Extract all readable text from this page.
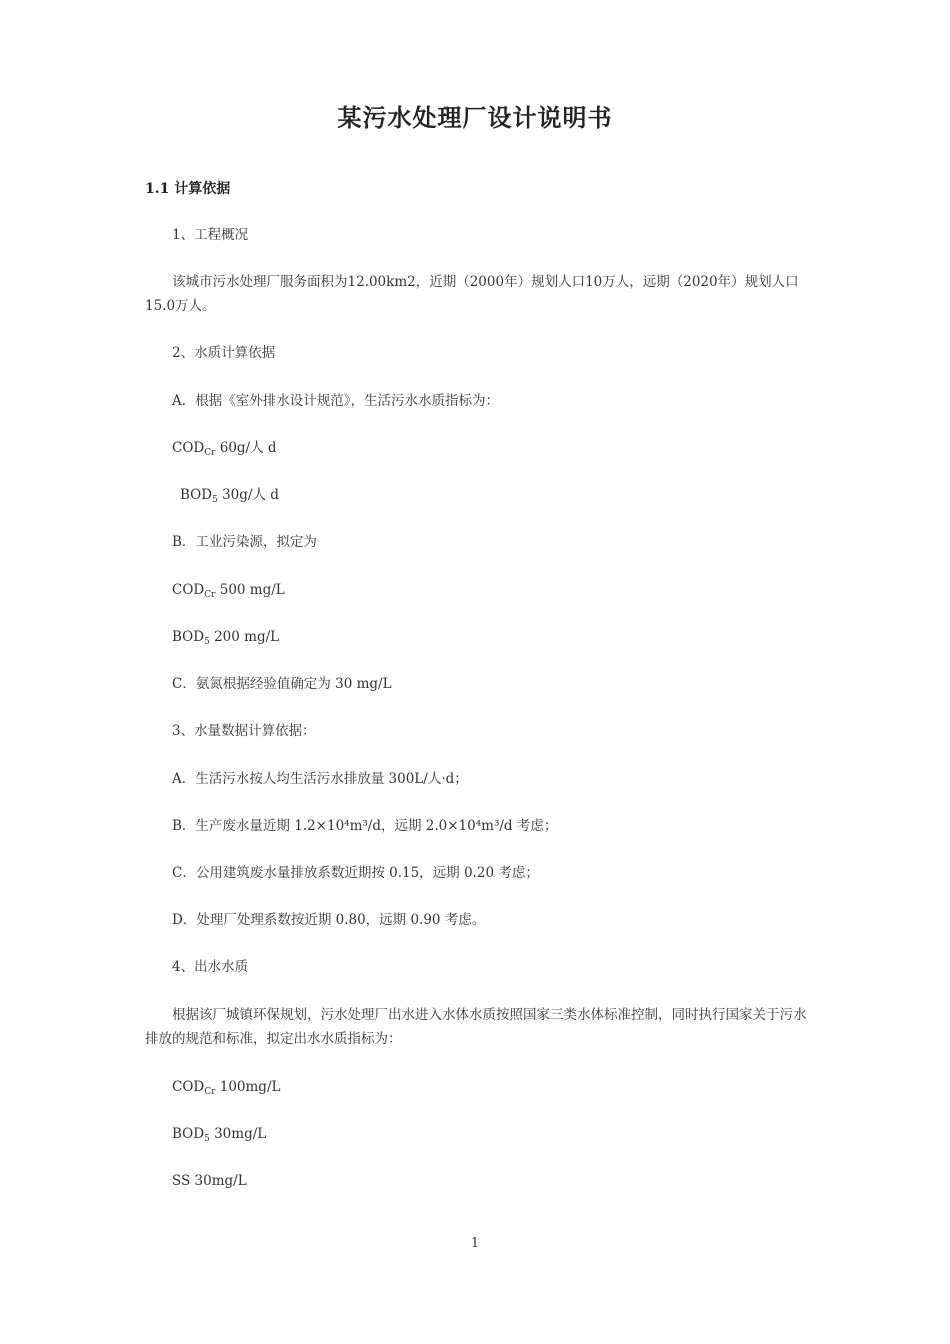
某污水处理厂设计说明书
1.1 计算依据
1、工程概况
该城市污水处理厂服务面积为12.00km2，近期（2000年）规划人口10万人，远期（2020年）规划人口15.0万人。
2、水质计算依据
A．根据《室外排水设计规范》，生活污水水质指标为：
$COD_{Cr}$ 60g/人 d
$BOD_5$ 30g/人 d
B．工业污染源，拟定为
$COD_{Cr}$ 500 mg/L
$BOD_5$ 200 mg/L
C．氨氮根据经验值确定为 30 mg/L
3、水量数据计算依据：
A．生活污水按人均生活污水排放量 300L/人·d；
B．生产废水量近期 1.2×10⁴m³/d，远期 2.0×10⁴m³/d 考虑；
C．公用建筑废水量排放系数近期按 0.15，远期 0.20 考虑；
D．处理厂处理系数按近期 0.80，远期 0.90 考虑。
4、出水水质
根据该厂城镇环保规划，污水处理厂出水进入水体水质按照国家三类水体标准控制，同时执行国家关于污水排放的规范和标准，拟定出水水质指标为：
$COD_{Cr}$ 100mg/L
$BOD_5$ 30mg/L
SS 30mg/L
1
